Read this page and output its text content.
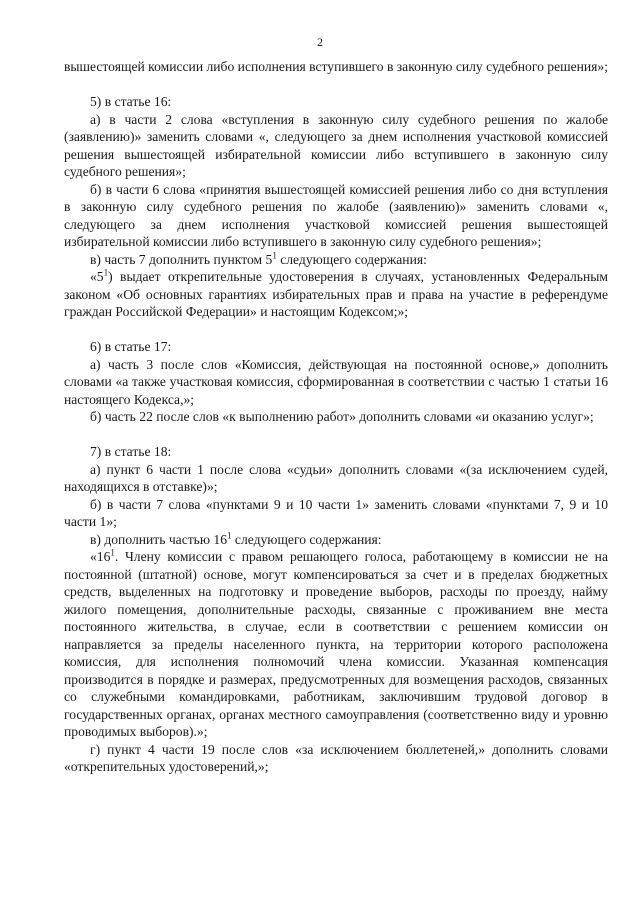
2

вышестоящей комиссии либо исполнения вступившего в законную силу судебного решения»;

5) в статье 16:

а) в части 2 слова «вступления в законную силу судебного решения по жалобе (заявлению)» заменить словами «, следующего за днем исполнения участковой комиссией решения вышестоящей избирательной комиссии либо вступившего в законную силу судебного решения»;

б) в части 6 слова «принятия вышестоящей комиссией решения либо со дня вступления в законную силу судебного решения по жалобе (заявлению)» заменить словами «, следующего за днем исполнения участковой комиссией решения вышестоящей избирательной комиссии либо вступившего в законную силу судебного решения»;

в) часть 7 дополнить пунктом $5^1$ следующего содержания:

«$5^1$) выдает открепительные удостоверения в случаях, установленных Федеральным законом «Об основных гарантиях избирательных прав и права на участие в референдуме граждан Российской Федерации» и настоящим Кодексом;»;

6) в статье 17:

а) часть 3 после слов «Комиссия, действующая на постоянной основе,» дополнить словами «а также участковая комиссия, сформированная в соответствии с частью 1 статьи 16 настоящего Кодекса,»;

б) часть 22 после слов «к выполнению работ» дополнить словами «и оказанию услуг»;

7) в статье 18:

а) пункт 6 части 1 после слова «судьи» дополнить словами «(за исключением судей, находящихся в отставке)»;

б) в части 7 слова «пунктами 9 и 10 части 1» заменить словами «пунктами 7, 9 и 10 части 1»;

в) дополнить частью $16^1$ следующего содержания:

«$16^1$. Члену комиссии с правом решающего голоса, работающему в комиссии не на постоянной (штатной) основе, могут компенсироваться за счет и в пределах бюджетных средств, выделенных на подготовку и проведение выборов, расходы по проезду, найму жилого помещения, дополнительные расходы, связанные с проживанием вне места постоянного жительства, в случае, если в соответствии с решением комиссии он направляется за пределы населенного пункта, на территории которого расположена комиссия, для исполнения полномочий члена комиссии. Указанная компенсация производится в порядке и размерах, предусмотренных для возмещения расходов, связанных со служебными командировками, работникам, заключившим трудовой договор в государственных органах, органах местного самоуправления (соответственно виду и уровню проводимых выборов).»;

г) пункт 4 части 19 после слов «за исключением бюллетеней,» дополнить словами «открепительных удостоверений,»;
